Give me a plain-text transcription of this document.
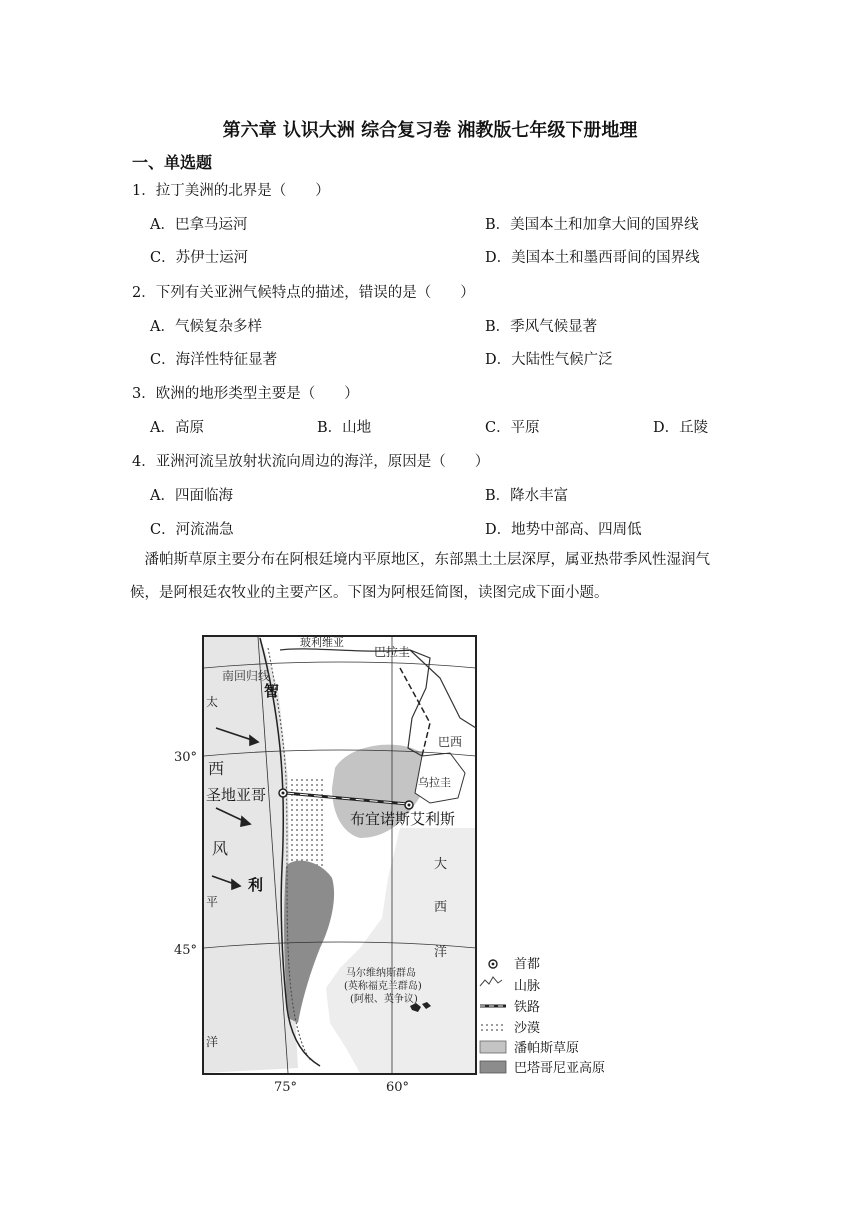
第六章 认识大洲 综合复习卷 湘教版七年级下册地理
一、单选题
1．拉丁美洲的北界是（　　）
A．巴拿马运河	B．美国本土和加拿大间的国界线
C．苏伊士运河	D．美国本土和墨西哥间的国界线
2．下列有关亚洲气候特点的描述，错误的是（　　）
A．气候复杂多样	B．季风气候显著
C．海洋性特征显著	D．大陆性气候广泛
3．欧洲的地形类型主要是（　　）
A．高原	B．山地	C．平原	D．丘陵
4．亚洲河流呈放射状流向周边的海洋，原因是（　　）
A．四面临海	B．降水丰富
C．河流湍急	D．地势中部高、四周低
潘帕斯草原主要分布在阿根廷境内平原地区，东部黑土土层深厚，属亚热带季风性湿润气候，是阿根廷农牧业的主要产区。下图为阿根廷简图，读图完成下面小题。
南回归线
玻利维亚
巴拉圭
巴西
乌拉圭
智
利
圣地亚哥
布宜诺斯艾利斯
太
平
洋
西
风
大
西
洋
马尔维纳斯群岛
(英称福克兰群岛)
(阿根、英争议)
30°
45°
75°	60°
首都
山脉
铁路
沙漠
潘帕斯草原
巴塔哥尼亚高原
